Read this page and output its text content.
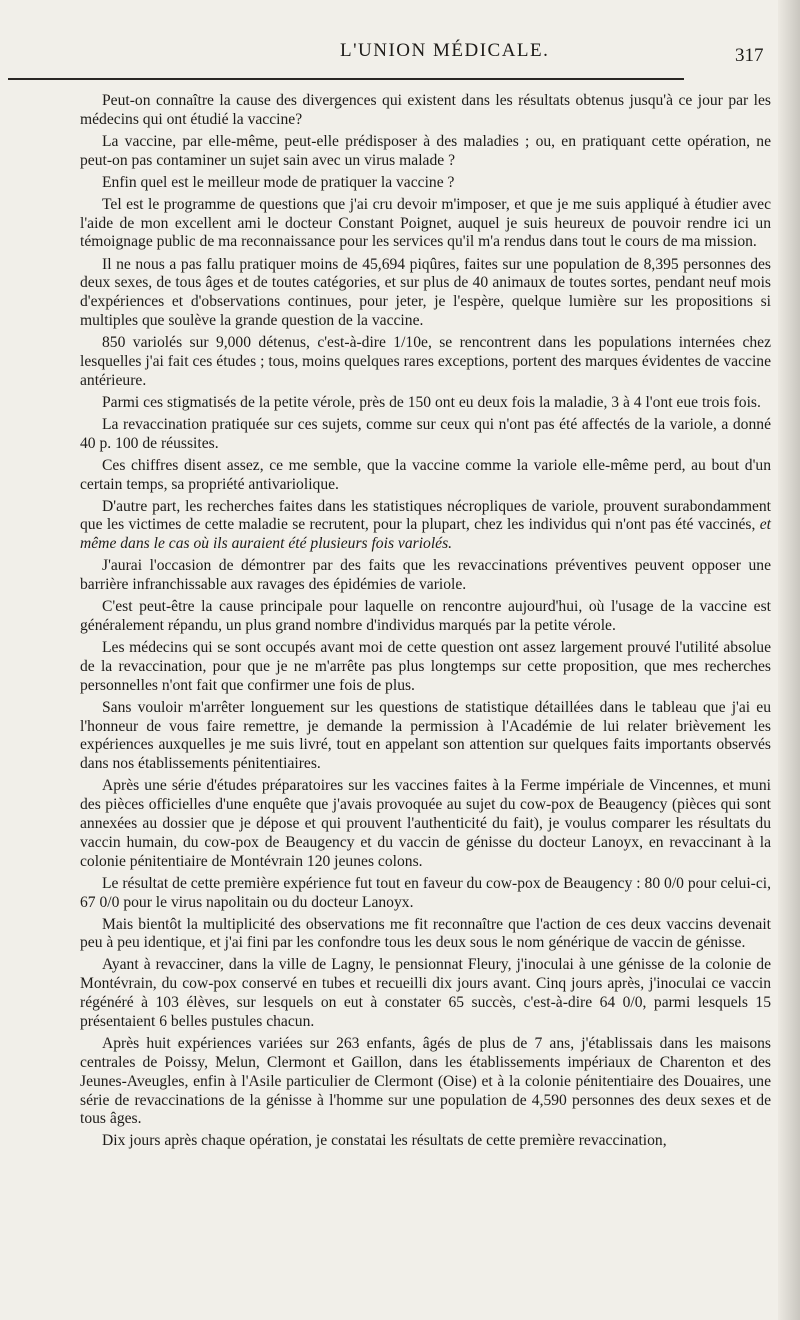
L'UNION MÉDICALE.	317

Peut-on connaître la cause des divergences qui existent dans les résultats obtenus jusqu'à ce jour par les médecins qui ont étudié la vaccine?

La vaccine, par elle-même, peut-elle prédisposer à des maladies ; ou, en pratiquant cette opération, ne peut-on pas contaminer un sujet sain avec un virus malade ?

Enfin quel est le meilleur mode de pratiquer la vaccine ?

Tel est le programme de questions que j'ai cru devoir m'imposer, et que je me suis appliqué à étudier avec l'aide de mon excellent ami le docteur Constant Poignet, auquel je suis heureux de pouvoir rendre ici un témoignage public de ma reconnaissance pour les services qu'il m'a rendus dans tout le cours de ma mission.

Il ne nous a pas fallu pratiquer moins de 45,694 piqûres, faites sur une population de 8,395 personnes des deux sexes, de tous âges et de toutes catégories, et sur plus de 40 animaux de toutes sortes, pendant neuf mois d'expériences et d'observations continues, pour jeter, je l'espère, quelque lumière sur les propositions si multiples que soulève la grande question de la vaccine.

850 variolés sur 9,000 détenus, c'est-à-dire 1/10e, se rencontrent dans les populations internées chez lesquelles j'ai fait ces études ; tous, moins quelques rares exceptions, portent des marques évidentes de vaccine antérieure.

Parmi ces stigmatisés de la petite vérole, près de 150 ont eu deux fois la maladie, 3 à 4 l'ont eue trois fois.

La revaccination pratiquée sur ces sujets, comme sur ceux qui n'ont pas été affectés de la variole, a donné 40 p. 100 de réussites.

Ces chiffres disent assez, ce me semble, que la vaccine comme la variole elle-même perd, au bout d'un certain temps, sa propriété antivariolique.

D'autre part, les recherches faites dans les statistiques nécropliques de variole, prouvent surabondamment que les victimes de cette maladie se recrutent, pour la plupart, chez les individus qui n'ont pas été vaccinés, et même dans le cas où ils auraient été plusieurs fois variolés.

J'aurai l'occasion de démontrer par des faits que les revaccinations préventives peuvent opposer une barrière infranchissable aux ravages des épidémies de variole.

C'est peut-être la cause principale pour laquelle on rencontre aujourd'hui, où l'usage de la vaccine est généralement répandu, un plus grand nombre d'individus marqués par la petite vérole.

Les médecins qui se sont occupés avant moi de cette question ont assez largement prouvé l'utilité absolue de la revaccination, pour que je ne m'arrête pas plus longtemps sur cette proposition, que mes recherches personnelles n'ont fait que confirmer une fois de plus.

Sans vouloir m'arrêter longuement sur les questions de statistique détaillées dans le tableau que j'ai eu l'honneur de vous faire remettre, je demande la permission à l'Académie de lui relater brièvement les expériences auxquelles je me suis livré, tout en appelant son attention sur quelques faits importants observés dans nos établissements pénitentiaires.

Après une série d'études préparatoires sur les vaccines faites à la Ferme impériale de Vincennes, et muni des pièces officielles d'une enquête que j'avais provoquée au sujet du cow-pox de Beaugency (pièces qui sont annexées au dossier que je dépose et qui prouvent l'authenticité du fait), je voulus comparer les résultats du vaccin humain, du cow-pox de Beaugency et du vaccin de génisse du docteur Lanoyx, en revaccinant à la colonie pénitentiaire de Montévrain 120 jeunes colons.

Le résultat de cette première expérience fut tout en faveur du cow-pox de Beaugency : 80 0/0 pour celui-ci, 67 0/0 pour le virus napolitain ou du docteur Lanoyx.

Mais bientôt la multiplicité des observations me fit reconnaître que l'action de ces deux vaccins devenait peu à peu identique, et j'ai fini par les confondre tous les deux sous le nom générique de vaccin de génisse.

Ayant à revacciner, dans la ville de Lagny, le pensionnat Fleury, j'inoculai à une génisse de la colonie de Montévrain, du cow-pox conservé en tubes et recueilli dix jours avant. Cinq jours après, j'inoculai ce vaccin régénéré à 103 élèves, sur lesquels on eut à constater 65 succès, c'est-à-dire 64 0/0, parmi lesquels 15 présentaient 6 belles pustules chacun.

Après huit expériences variées sur 263 enfants, âgés de plus de 7 ans, j'établissais dans les maisons centrales de Poissy, Melun, Clermont et Gaillon, dans les établissements impériaux de Charenton et des Jeunes-Aveugles, enfin à l'Asile particulier de Clermont (Oise) et à la colonie pénitentiaire des Douaires, une série de revaccinations de la génisse à l'homme sur une population de 4,590 personnes des deux sexes et de tous âges.

Dix jours après chaque opération, je constatai les résultats de cette première revaccination,
